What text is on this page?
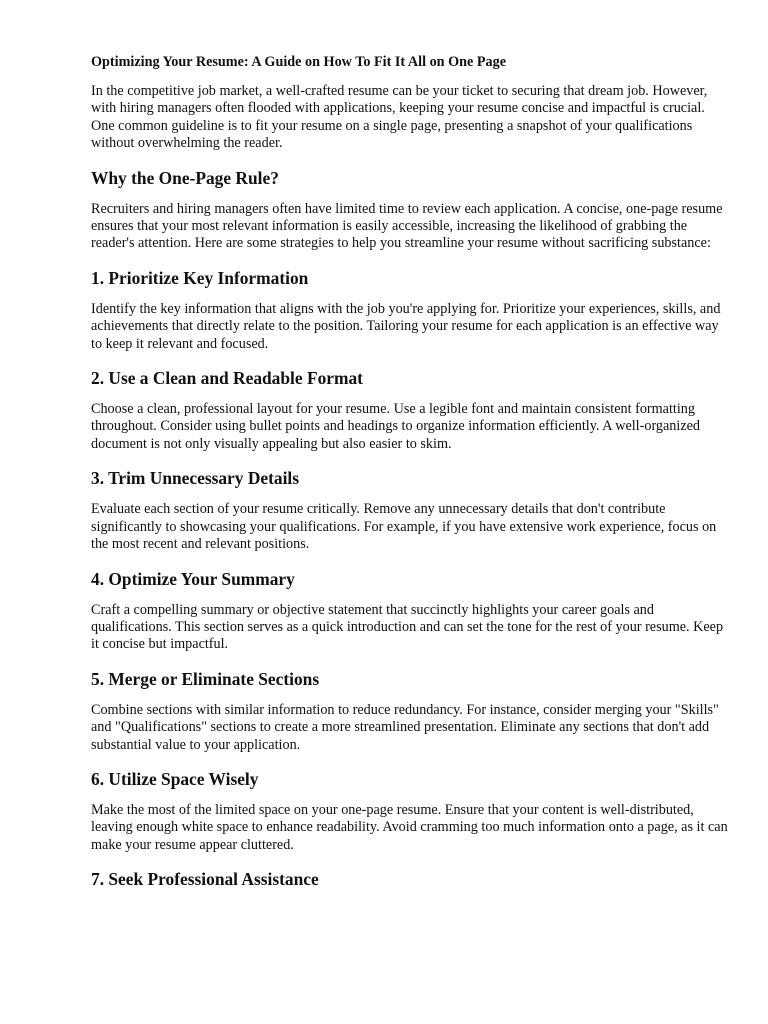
Optimizing Your Resume: A Guide on How To Fit It All on One Page

In the competitive job market, a well-crafted resume can be your ticket to securing that dream job. However, with hiring managers often flooded with applications, keeping your resume concise and impactful is crucial. One common guideline is to fit your resume on a single page, presenting a snapshot of your qualifications without overwhelming the reader.

Why the One-Page Rule?

Recruiters and hiring managers often have limited time to review each application. A concise, one-page resume ensures that your most relevant information is easily accessible, increasing the likelihood of grabbing the reader's attention. Here are some strategies to help you streamline your resume without sacrificing substance:

1. Prioritize Key Information

Identify the key information that aligns with the job you're applying for. Prioritize your experiences, skills, and achievements that directly relate to the position. Tailoring your resume for each application is an effective way to keep it relevant and focused.

2. Use a Clean and Readable Format

Choose a clean, professional layout for your resume. Use a legible font and maintain consistent formatting throughout. Consider using bullet points and headings to organize information efficiently. A well-organized document is not only visually appealing but also easier to skim.

3. Trim Unnecessary Details

Evaluate each section of your resume critically. Remove any unnecessary details that don't contribute significantly to showcasing your qualifications. For example, if you have extensive work experience, focus on the most recent and relevant positions.

4. Optimize Your Summary

Craft a compelling summary or objective statement that succinctly highlights your career goals and qualifications. This section serves as a quick introduction and can set the tone for the rest of your resume. Keep it concise but impactful.

5. Merge or Eliminate Sections

Combine sections with similar information to reduce redundancy. For instance, consider merging your "Skills" and "Qualifications" sections to create a more streamlined presentation. Eliminate any sections that don't add substantial value to your application.

6. Utilize Space Wisely

Make the most of the limited space on your one-page resume. Ensure that your content is well-distributed, leaving enough white space to enhance readability. Avoid cramming too much information onto a page, as it can make your resume appear cluttered.

7. Seek Professional Assistance
